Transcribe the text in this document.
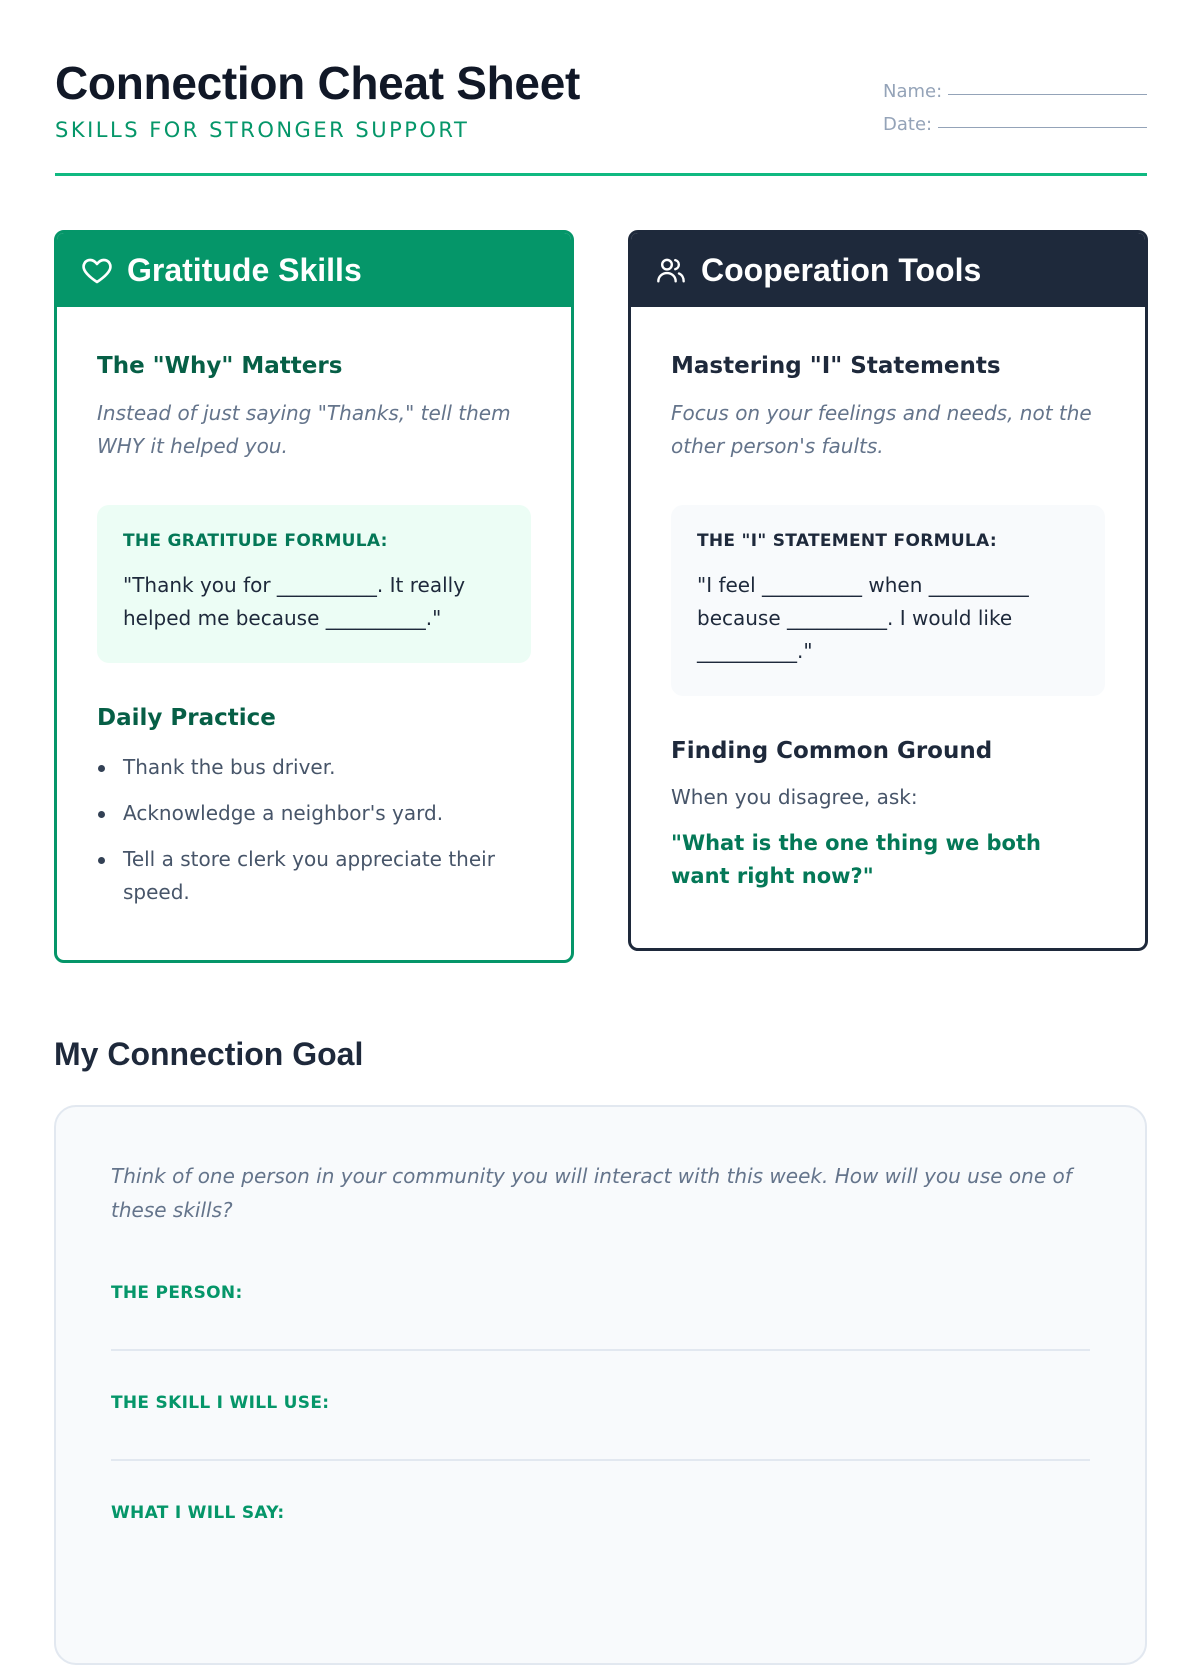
Connection Cheat Sheet
SKILLS FOR STRONGER SUPPORT
Name:
Date:
Gratitude Skills
The "Why" Matters
Instead of just saying "Thanks," tell them WHY it helped you.
THE GRATITUDE FORMULA:
"Thank you for __________. It really helped me because __________."
Daily Practice
Thank the bus driver.
Acknowledge a neighbor's yard.
Tell a store clerk you appreciate their speed.
Cooperation Tools
Mastering "I" Statements
Focus on your feelings and needs, not the other person's faults.
THE "I" STATEMENT FORMULA:
"I feel __________ when __________ because __________. I would like __________."
Finding Common Ground
When you disagree, ask:
"What is the one thing we both want right now?"
My Connection Goal
Think of one person in your community you will interact with this week. How will you use one of these skills?
THE PERSON:
THE SKILL I WILL USE:
WHAT I WILL SAY:
